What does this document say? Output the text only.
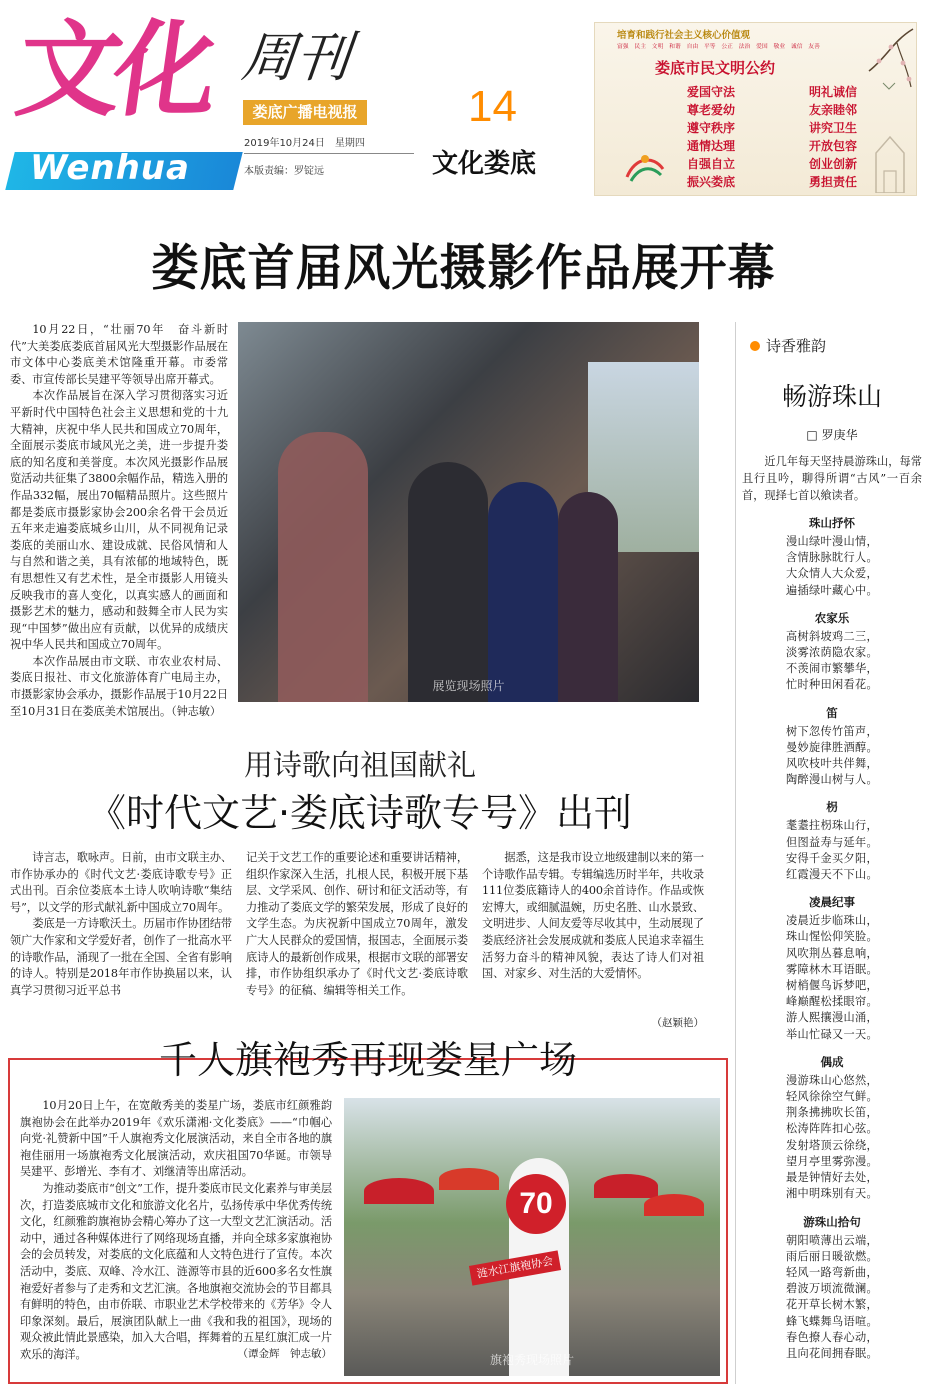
文化
Wenhua
周刊
娄底广播电视报
2019年10月24日　星期四
本版责编：罗锭远
14
文化娄底
培育和践行社会主义核心价值观
富强　民主　文明　和谐　自由　平等　公正　法治　爱国　敬业　诚信　友善
娄底市民文明公约
爱国守法	明礼诚信
尊老爱幼	友亲睦邻
遵守秩序	讲究卫生
通情达理	开放包容
自强自立	创业创新
振兴娄底	勇担责任
娄底首届风光摄影作品展开幕

10月22日，“壮丽70年　奋斗新时代”大美娄底娄底首届风光大型摄影作品展在市文体中心娄底美术馆隆重开幕。市委常委、市宣传部长吴建平等领导出席开幕式。

本次作品展旨在深入学习贯彻落实习近平新时代中国特色社会主义思想和党的十九大精神，庆祝中华人民共和国成立70周年，全面展示娄底市域风光之美，进一步提升娄底的知名度和美誉度。本次风光摄影作品展览活动共征集了3800余幅作品，精选入册的作品332幅，展出70幅精品照片。这些照片都是娄底市摄影家协会200余名骨干会员近五年来走遍娄底城乡山川，从不同视角记录娄底的美丽山水、建设成就、民俗风情和人与自然和谐之美，具有浓郁的地域特色，既有思想性又有艺术性，是全市摄影人用镜头反映我市的喜人变化，以真实感人的画面和摄影艺术的魅力，感动和鼓舞全市人民为实现“中国梦”做出应有贡献，以优异的成绩庆祝中华人民共和国成立70周年。

本次作品展由市文联、市农业农村局、娄底日报社、市文化旅游体育广电局主办，市摄影家协会承办，摄影作品展于10月22日至10月31日在娄底美术馆展出。（钟志敏）

展览现场照片
诗香雅韵
畅游珠山
□ 罗庚华
近几年每天坚持晨游珠山，每常且行且吟，聊得所谓“古风”一百余首，现择七首以飨读者。
珠山抒怀
漫山绿叶漫山情，
含情脉脉眈行人。
大众情人大众爱，
遍插绿叶藏心中。
农家乐
高树斜坡鸡二三，
淡雾浓荫隐农家。
不羡闹市繁攀华，
忙时种田闲看花。
笛
树下忽传竹笛声，
曼妙旋律胜酒醇。
风吹枝叶共伴舞，
陶醉漫山树与人。
枴
耄耋拄枴珠山行，
但图益寿与延年。
安得千金买夕阳，
红霞漫天不下山。
凌晨纪事
凌晨近步临珠山，
珠山惺忪仰笑脸。
风吹荆丛暮息响，
雾障林木耳语眠。
树梢偃鸟诉梦吧，
峰巅醒松揉眼帘。
游人熙攘漫山涌，
举山忙碌又一天。
偶成
漫游珠山心悠然，
轻风徐徐空气鲜。
荆条拂拂吹长笛，
松涛阵阵扣心弦。
发射塔顶云徐绕，
望月亭里雾弥漫。
最是钟情好去处，
湘中明珠别有天。
游珠山拾句
朝阳喷薄出云端，
雨后丽日暖欲燃。
轻风一路弯新曲，
碧波万顷流微澜。
花开草长树木繁，
蜂飞蝶舞鸟语喧。
春色撩人春心动，
且向花间拥春眠。
用诗歌向祖国献礼
《时代文艺·娄底诗歌专号》出刊

诗言志，歌咏声。日前，由市文联主办、市作协承办的《时代文艺·娄底诗歌专号》正式出刊。百余位娄底本土诗人吹响诗歌“集结号”，以文学的形式献礼新中国成立70周年。

娄底是一方诗歌沃土。历届市作协团结带领广大作家和文学爱好者，创作了一批高水平的诗歌作品，涌现了一批在全国、全省有影响的诗人。特别是2018年市作协换届以来，认真学习贯彻习近平总书

记关于文艺工作的重要论述和重要讲话精神，组织作家深入生活，扎根人民，积极开展下基层、文学采风、创作、研讨和征文活动等，有力推动了娄底文学的繁荣发展，形成了良好的文学生态。为庆祝新中国成立70周年，激发广大人民群众的爱国情，报国志，全面展示娄底诗人的最新创作成果，根据市文联的部署安排，市作协组织承办了《时代文艺·娄底诗歌专号》的征稿、编辑等相关工作。

据悉，这是我市设立地级建制以来的第一个诗歌作品专辑。专辑编选历时半年，共收录111位娄底籍诗人的400余首诗作。作品或恢宏博大，或细腻温婉，历史名胜、山水景致、文明进步、人间友爱等尽收其中，生动展现了娄底经济社会发展成就和娄底人民追求幸福生活努力奋斗的精神风貌，表达了诗人们对祖国、对家乡、对生活的大爱情怀。

（赵颖艳）
千人旗袍秀再现娄星广场

10月20日上午，在宽敞秀美的娄星广场，娄底市红颜雅韵旗袍协会在此举办2019年《欢乐潇湘·文化娄底》——“巾帼心向党·礼赞新中国”千人旗袍秀文化展演活动，来自全市各地的旗袍佳丽用一场旗袍秀文化展演活动，欢庆祖国70华诞。市领导吴建平、彭增光、李有才、刘继清等出席活动。

为推动娄底市“创文”工作，提升娄底市民文化素养与审美层次，打造娄底城市文化和旅游文化名片，弘扬传承中华优秀传统文化，红颜雅韵旗袍协会精心筹办了这一大型文艺汇演活动。活动中，通过各种媒体进行了网络现场直播，并向全球多家旗袍协会的会员转发，对娄底的文化底蕴和人文特色进行了宣传。本次活动中，娄底、双峰、冷水江、涟源等市县的近600多名女性旗袍爱好者参与了走秀和文艺汇演。各地旗袍交流协会的节目都具有鲜明的特色，由市侨联、市职业艺术学校带来的《芳华》令人印象深刻。最后，展演团队献上一曲《我和我的祖国》，现场的观众被此情此景感染，加入大合唱，挥舞着的五星红旗汇成一片欢乐的海洋。	（谭金辉　钟志敏）
涟水江旗袍协会
70
旗袍秀现场照片
